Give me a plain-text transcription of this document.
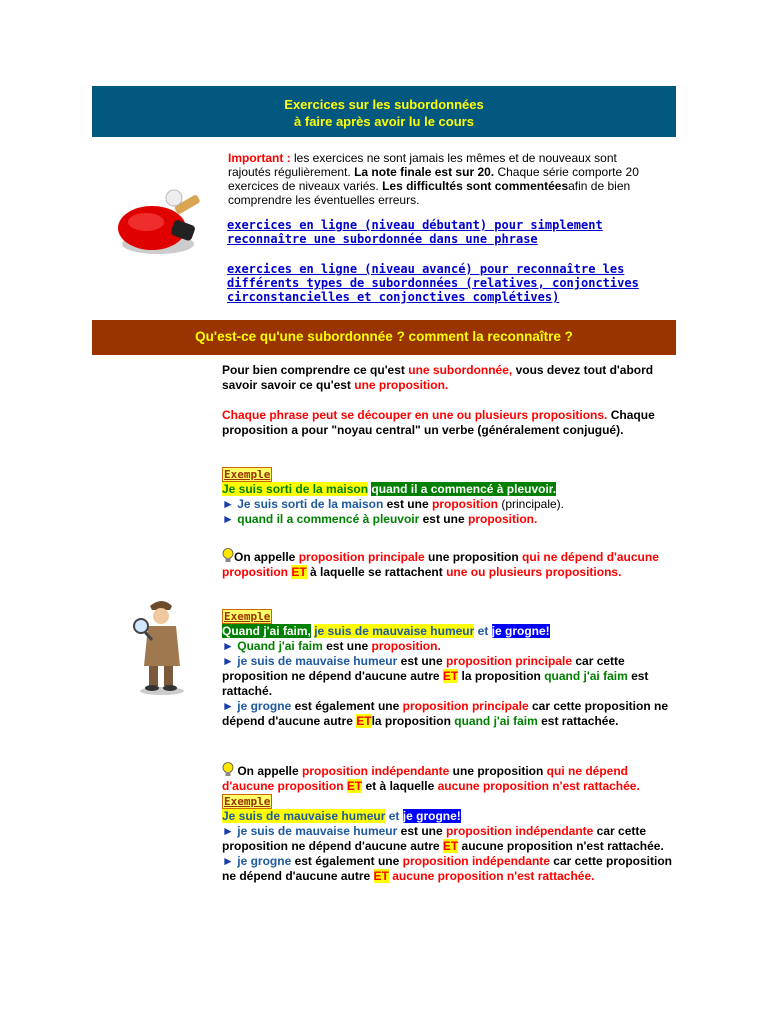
Exercices sur les subordonnées
à faire après avoir lu le cours
Important : les exercices ne sont jamais les mêmes et de nouveaux sont rajoutés régulièrement. La note finale est sur 20. Chaque série comporte 20 exercices de niveaux variés. Les difficultés sont commentéesafin de bien comprendre les éventuelles erreurs.
exercices en ligne (niveau débutant) pour simplement reconnaître une subordonnée dans une phrase
exercices en ligne (niveau avancé) pour reconnaître les différents types de subordonnées (relatives, conjonctives circonstancielles et conjonctives complétives)
Qu'est-ce qu'une subordonnée ? comment la reconnaître ?
Pour bien comprendre ce qu'est une subordonnée, vous devez tout d'abord savoir savoir ce qu'est une proposition.
Chaque phrase peut se découper en une ou plusieurs propositions. Chaque proposition a pour "noyau central" un verbe (généralement conjugué).
Exemple
Je suis sorti de la maison quand il a commencé à pleuvoir.
► Je suis sorti de la maison est une proposition (principale).
► quand il a commencé à pleuvoir est une proposition.
On appelle proposition principale une proposition qui ne dépend d'aucune proposition ET à laquelle se rattachent une ou plusieurs propositions.
Exemple
Quand j'ai faim, je suis de mauvaise humeur et je grogne!
► Quand j'ai faim est une proposition.
► je suis de mauvaise humeur est une proposition principale car cette proposition ne dépend d'aucune autre ET la proposition quand j'ai faim est rattaché.
► je grogne est également une proposition principale car cette proposition ne dépend d'aucune autre ETla proposition quand j'ai faim est rattachée.
On appelle proposition indépendante une proposition qui ne dépend d'aucune proposition ET et à laquelle aucune proposition n'est rattachée.
Exemple
Je suis de mauvaise humeur et je grogne!
► je suis de mauvaise humeur est une proposition indépendante car cette proposition ne dépend d'aucune autre ET aucune proposition n'est rattachée.
► je grogne est également une proposition indépendante car cette proposition ne dépend d'aucune autre ET aucune proposition n'est rattachée.
